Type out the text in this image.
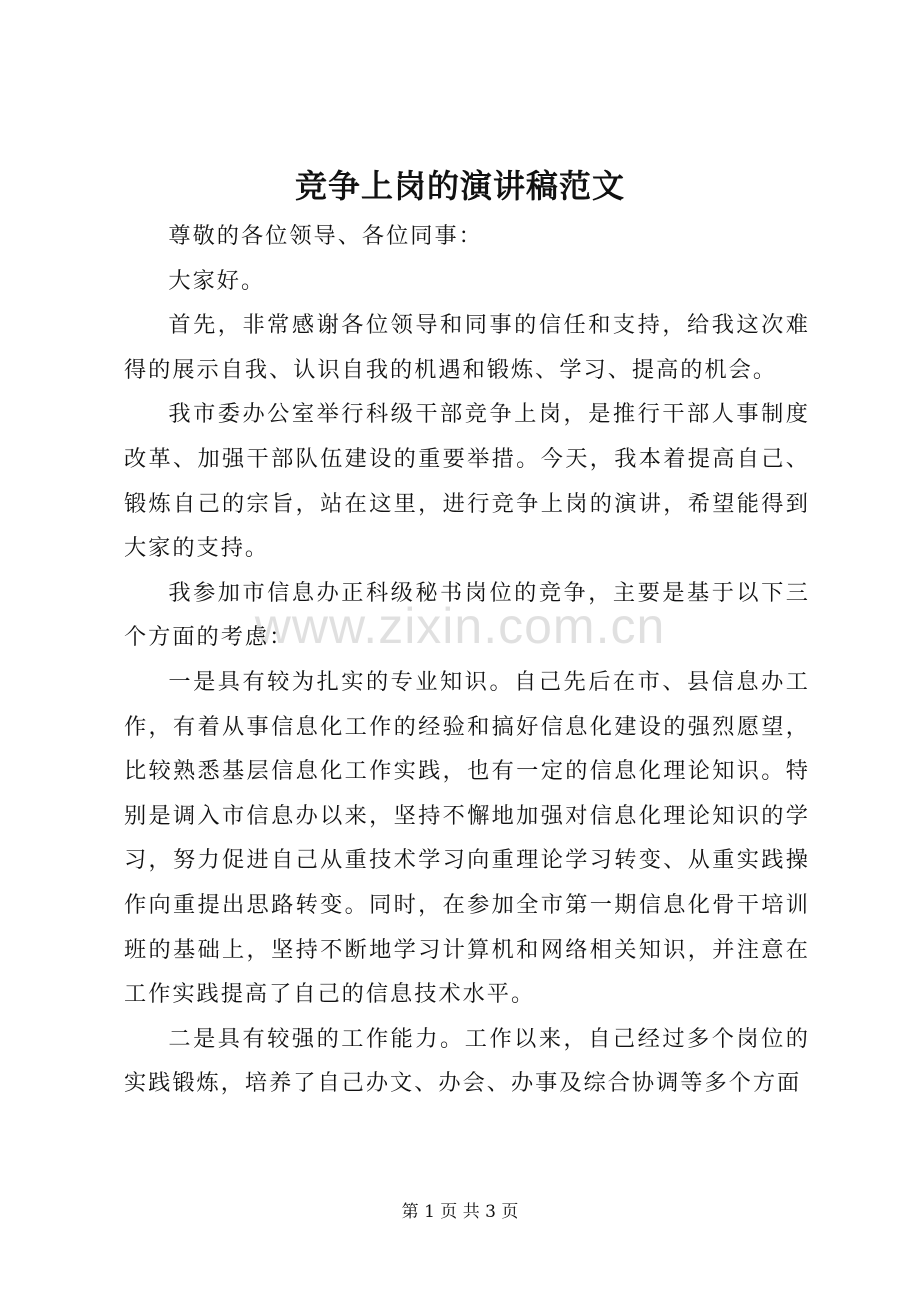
竞争上岗的演讲稿范文

尊敬的各位领导、各位同事：

大家好。

首先，非常感谢各位领导和同事的信任和支持，给我这次难得的展示自我、认识自我的机遇和锻炼、学习、提高的机会。

我市委办公室举行科级干部竞争上岗，是推行干部人事制度改革、加强干部队伍建设的重要举措。今天，我本着提高自己、锻炼自己的宗旨，站在这里，进行竞争上岗的演讲，希望能得到大家的支持。

我参加市信息办正科级秘书岗位的竞争，主要是基于以下三个方面的考虑：

一是具有较为扎实的专业知识。自己先后在市、县信息办工作，有着从事信息化工作的经验和搞好信息化建设的强烈愿望，比较熟悉基层信息化工作实践，也有一定的信息化理论知识。特别是调入市信息办以来，坚持不懈地加强对信息化理论知识的学习，努力促进自己从重技术学习向重理论学习转变、从重实践操作向重提出思路转变。同时，在参加全市第一期信息化骨干培训班的基础上，坚持不断地学习计算机和网络相关知识，并注意在工作实践提高了自己的信息技术水平。

二是具有较强的工作能力。工作以来，自己经过多个岗位的实践锻炼，培养了自己办文、办会、办事及综合协调等多个方面

www.zixin.com.cn
第 1 页 共 3 页
